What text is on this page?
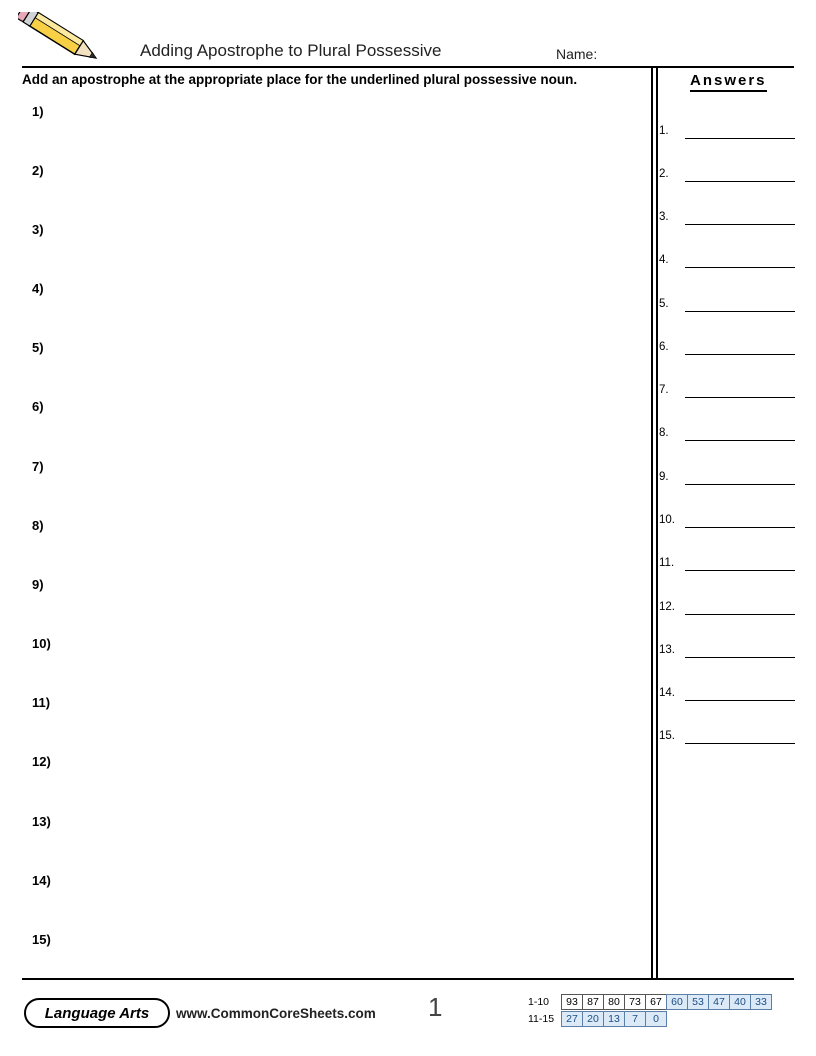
Adding Apostrophe to Plural Possessive	Name:
Add an apostrophe at the appropriate place for the underlined plural possessive noun.
1)
2)
3)
4)
5)
6)
7)
8)
9)
10)
11)
12)
13)
14)
15)
Answers
1.
2.
3.
4.
5.
6.
7.
8.
9.
10.
11.
12.
13.
14.
15.
Language Arts	www.CommonCoreSheets.com 1	1-10	93 87 80 73 67 60 53 47 40 33
11-15	27 20 13	7	0
